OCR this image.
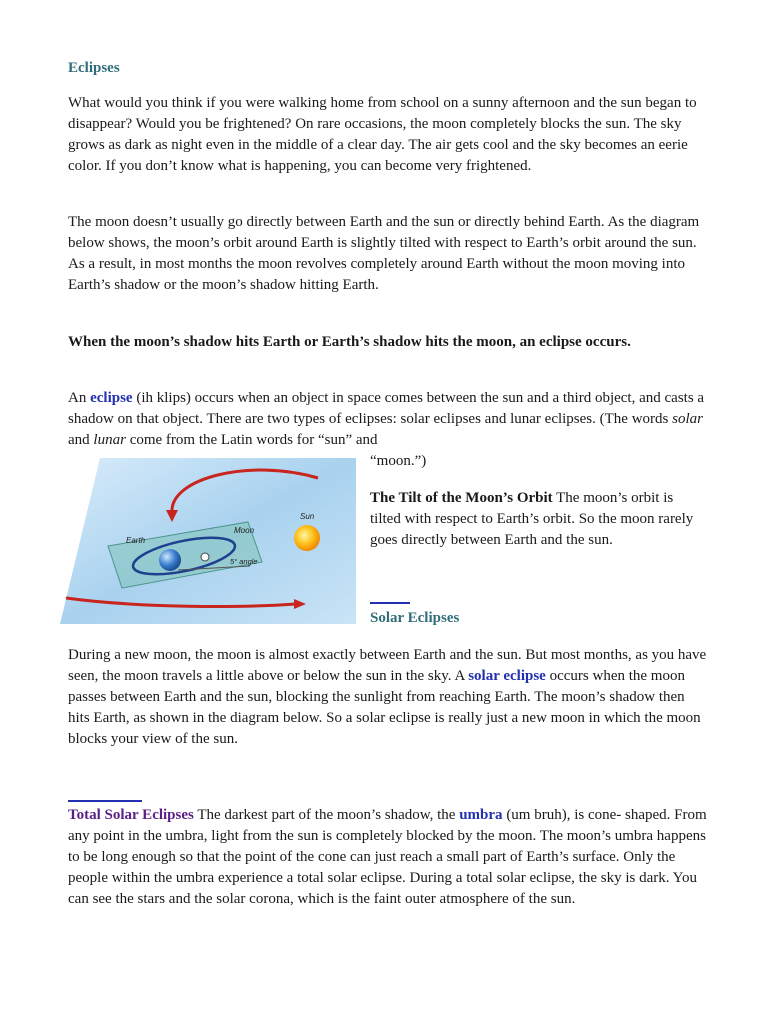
Eclipses

What would you think if you were walking home from school on a sunny afternoon and the sun began to disappear? Would you be frightened? On rare occasions, the moon completely blocks the sun. The sky grows as dark as night even in the middle of a clear day. The air gets cool and the sky becomes an eerie color. If you don’t know what is happening, you can become very frightened.

The moon doesn’t usually go directly between Earth and the sun or directly behind Earth. As the diagram below shows, the moon’s orbit around Earth is slightly tilted with respect to Earth’s orbit around the sun. As a result, in most months the moon revolves completely around Earth without the moon moving into Earth’s shadow or the moon’s shadow hitting Earth.

When the moon’s shadow hits Earth or Earth’s shadow hits the moon, an eclipse occurs.

An eclipse (ih klips) occurs when an object in space comes between the sun and a third object, and casts a shadow on that object. There are two types of eclipses: solar eclipses and lunar eclipses. (The words solar and lunar come from the Latin words for “sun” and

“moon.”)

Earth
Moon
Sun
5° angle

The Tilt of the Moon’s Orbit The moon’s orbit is tilted with respect to Earth’s orbit. So the moon rarely goes directly between Earth and the sun.

Solar Eclipses

During a new moon, the moon is almost exactly between Earth and the sun. But most months, as you have seen, the moon travels a little above or below the sun in the sky. A solar eclipse occurs when the moon passes between Earth and the sun, blocking the sunlight from reaching Earth. The moon’s shadow then hits Earth, as shown in the diagram below. So a solar eclipse is really just a new moon in which the moon blocks your view of the sun.

Total Solar Eclipses The darkest part of the moon’s shadow, the umbra (um bruh), is cone- shaped. From any point in the umbra, light from the sun is completely blocked by the moon. The moon’s umbra happens to be long enough so that the point of the cone can just reach a small part of Earth’s surface. Only the people within the umbra experience a total solar eclipse. During a total solar eclipse, the sky is dark. You can see the stars and the solar corona, which is the faint outer atmosphere of the sun.
